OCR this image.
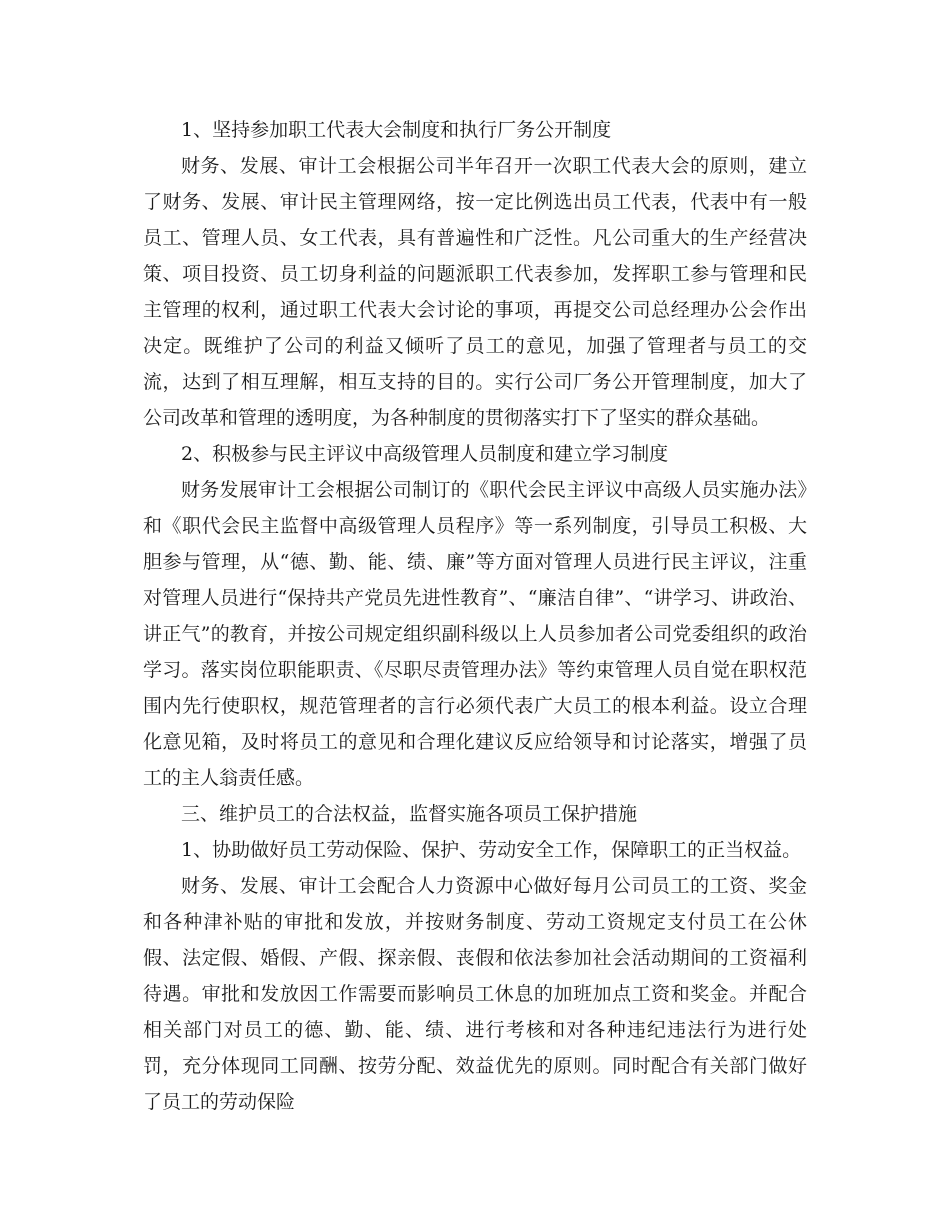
1、坚持参加职工代表大会制度和执行厂务公开制度

财务、发展、审计工会根据公司半年召开一次职工代表大会的原则，建立了财务、发展、审计民主管理网络，按一定比例选出员工代表，代表中有一般员工、管理人员、女工代表，具有普遍性和广泛性。凡公司重大的生产经营决策、项目投资、员工切身利益的问题派职工代表参加，发挥职工参与管理和民主管理的权利，通过职工代表大会讨论的事项，再提交公司总经理办公会作出决定。既维护了公司的利益又倾听了员工的意见，加强了管理者与员工的交流，达到了相互理解，相互支持的目的。实行公司厂务公开管理制度，加大了公司改革和管理的透明度，为各种制度的贯彻落实打下了坚实的群众基础。

2、积极参与民主评议中高级管理人员制度和建立学习制度

财务发展审计工会根据公司制订的《职代会民主评议中高级人员实施办法》和《职代会民主监督中高级管理人员程序》等一系列制度，引导员工积极、大胆参与管理，从“德、勤、能、绩、廉”等方面对管理人员进行民主评议，注重对管理人员进行“保持共产党员先进性教育”、“廉洁自律”、“讲学习、讲政治、讲正气”的教育，并按公司规定组织副科级以上人员参加者公司党委组织的政治学习。落实岗位职能职责、《尽职尽责管理办法》等约束管理人员自觉在职权范围内先行使职权，规范管理者的言行必须代表广大员工的根本利益。设立合理化意见箱，及时将员工的意见和合理化建议反应给领导和讨论落实，增强了员工的主人翁责任感。

三、维护员工的合法权益，监督实施各项员工保护措施

1、协助做好员工劳动保险、保护、劳动安全工作，保障职工的正当权益。

财务、发展、审计工会配合人力资源中心做好每月公司员工的工资、奖金和各种津补贴的审批和发放，并按财务制度、劳动工资规定支付员工在公休假、法定假、婚假、产假、探亲假、丧假和依法参加社会活动期间的工资福利待遇。审批和发放因工作需要而影响员工休息的加班加点工资和奖金。并配合相关部门对员工的德、勤、能、绩、进行考核和对各种违纪违法行为进行处罚，充分体现同工同酬、按劳分配、效益优先的原则。同时配合有关部门做好了员工的劳动保险
